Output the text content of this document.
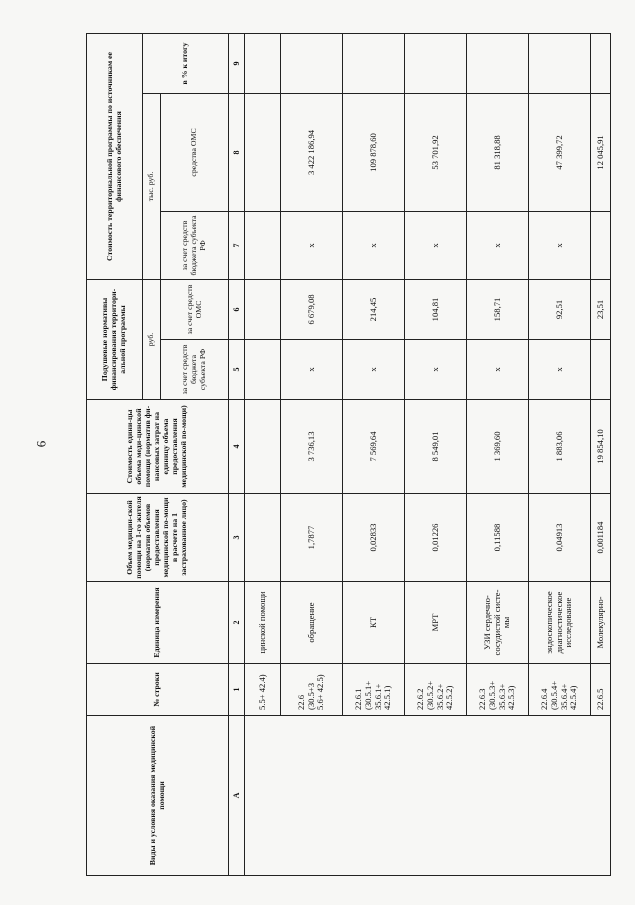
6
Виды и условия оказания медицинской помощи	№ строки	Единица измерения	Объем медицин-ской помощи на 1-го жителя (норматив объемов предоставления медицинской по-мощи в расчете на 1 застрахованное лицо)	Стоимость едини-цы объема меди-цинской помощи (норматив фи-нансовых затрат на единицу объема предоставления медицинской по-мощи)	Подушевые нормативы финансирования территори-альной программы		Стоимость территориальной программы по источникам ее финансового обеспечения		
					руб.		тыс. руб.		в % к итогу
					за счет средств бюджета субъекта РФ	за счет средств ОМС	за счет средств бюджета субъекта РФ	средства ОМС	
А	1	2	3	4	5	6	7	8	9
	5.5+ 42.4)	цинской помощи							
	22.6 (30.5+3 5.6+ 42.5)	обращение	1,7877	3 736,13	х	6 679,08	х	3 422 186,94	
	22.6.1 (30.5.1+ 35.6.1+ 42.5.1)	КТ	0,02833	7 569,64	х	214,45	х	109 878,60	
	22.6.2 (30.5.2+ 35.6.2+ 42.5.2)	МРТ	0,01226	8 549,01	х	104,81	х	53 701,92	
	22.6.3 (30.5.3+ 35.6.3+ 42.5.3)	УЗИ сердечно-сосудистой систе-мы	0,11588	1 369,60	х	158,71	х	81 318,88	
	22.6.4 (30.5.4+ 35.6.4+ 42.5.4)	эндоскопическое диагностическое исследование	0,04913	1 883,06	х	92,51	х	47 399,72	
	22.6.5	Молекулярно-	0,001184	19 854,10		23,51		12 045,91	
